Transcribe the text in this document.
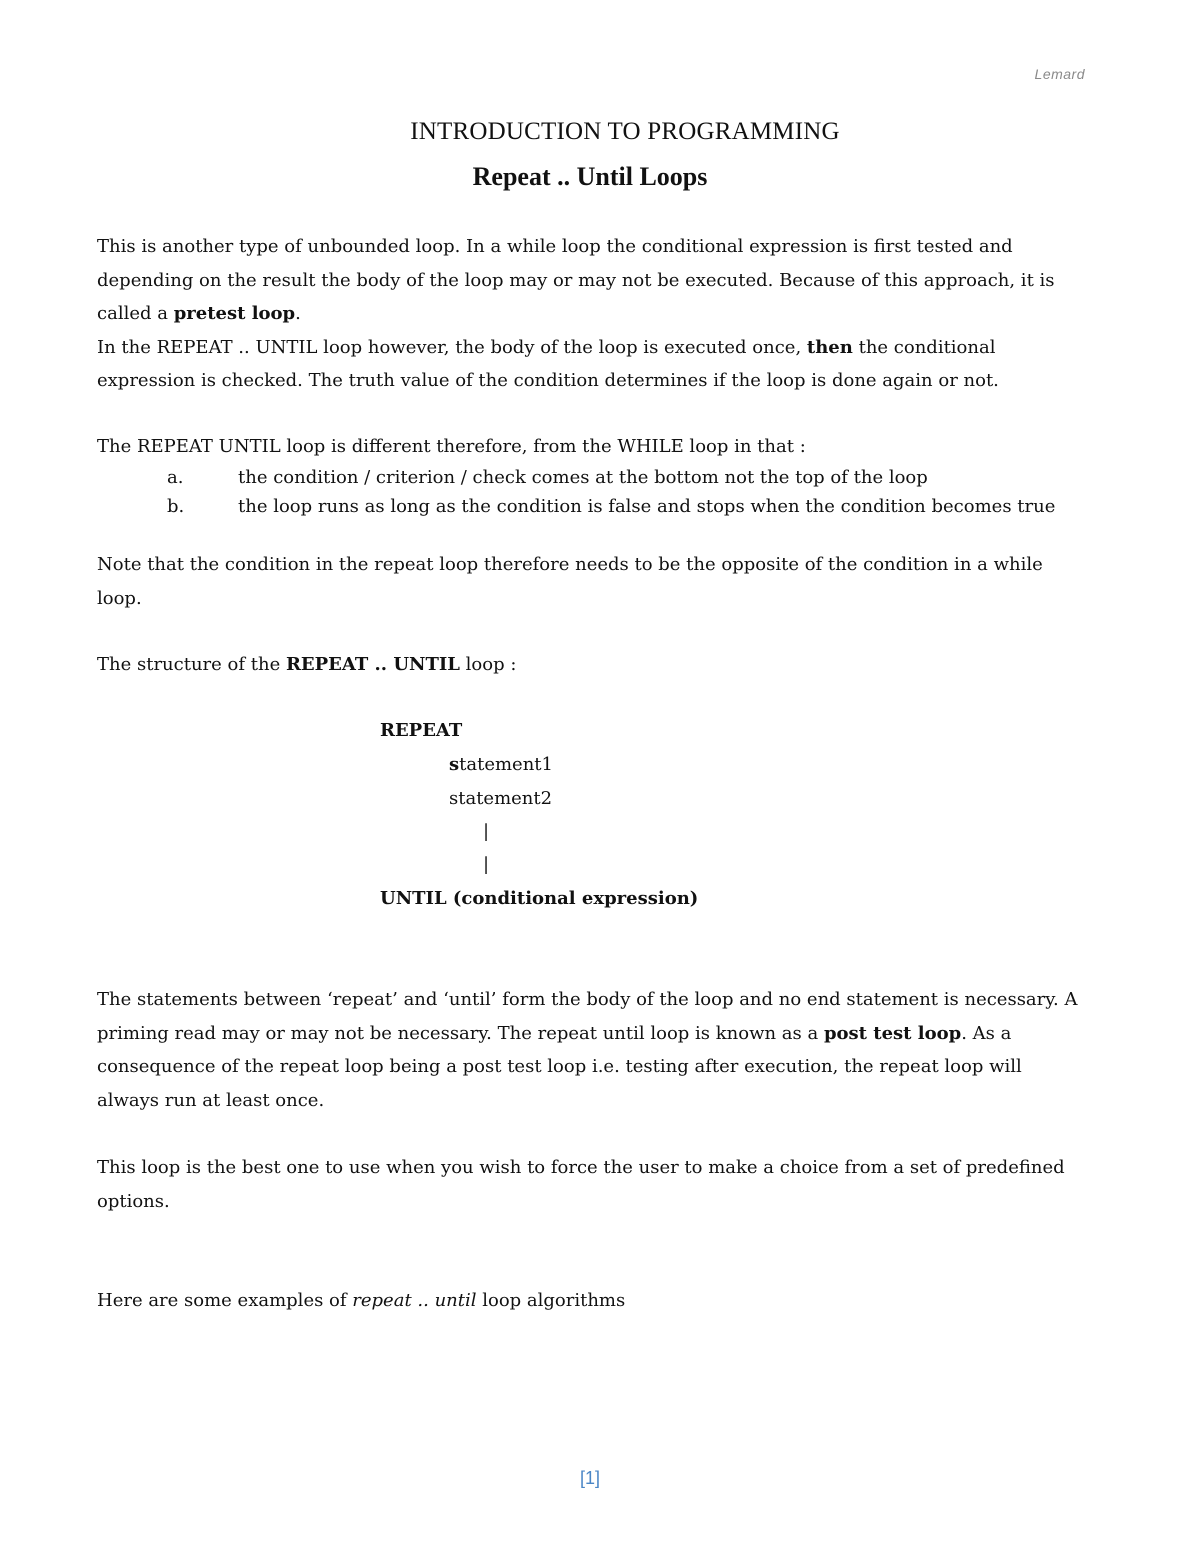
Lemard
INTRODUCTION TO PROGRAMMING
Repeat .. Until Loops
This is another type of unbounded loop. In a while loop the conditional expression is first tested and depending on the result the body of the loop may or may not be executed. Because of this approach, it is called a pretest loop.
In the REPEAT .. UNTIL loop however, the body of the loop is executed once, then the conditional expression is checked. The truth value of the condition determines if the loop is done again or not.
The REPEAT UNTIL loop is different therefore, from the WHILE loop in that :
a.	the condition / criterion / check comes at the bottom not the top of the loop
b.	the loop runs as long as the condition is false and stops when the condition becomes true
Note that the condition in the repeat loop therefore needs to be the opposite of the condition in a while loop.
The structure of the REPEAT .. UNTIL loop :
REPEAT
statement1
statement2
|
|
UNTIL (conditional expression)
The statements between ‘repeat’ and ‘until’ form the body of the loop and no end statement is necessary. A priming read may or may not be necessary. The repeat until loop is known as a post test loop. As a consequence of the repeat loop being a post test loop i.e. testing after execution, the repeat loop will always run at least once.
This loop is the best one to use when you wish to force the user to make a choice from a set of predefined options.
Here are some examples of repeat .. until loop algorithms
[1]
